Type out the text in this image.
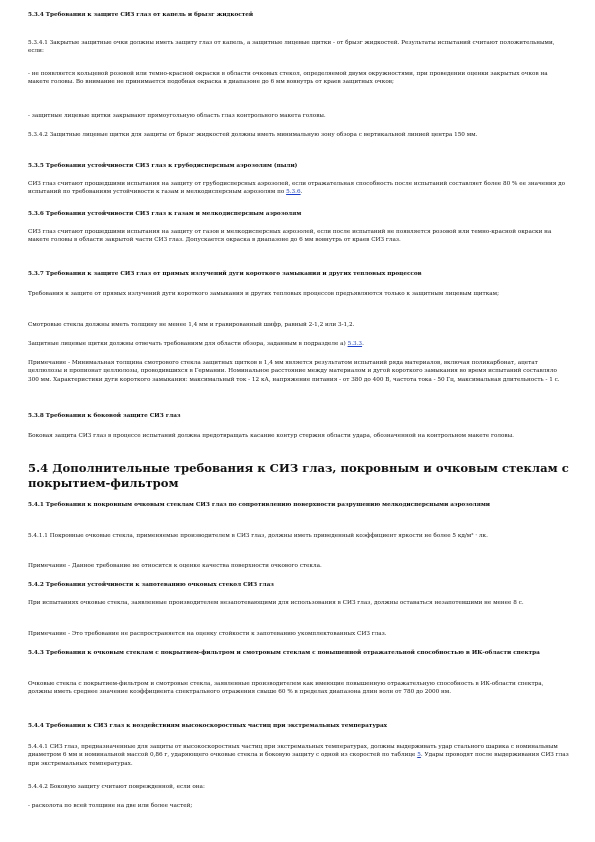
5.3.4 Требования к защите СИЗ глаз от капель и брызг жидкостей

5.3.4.1 Закрытые защитные очки должны иметь защиту глаз от капель, а защитные лицевые щитки - от брызг жидкостей. Результаты испытаний считают положительными, если:

- не появляется кольцевой розовой или темно-красной окраски в области очковых стекол, определяемой двумя окружностями, при проведении оценки закрытых очков на макете головы. Во внимание не принимается подобная окраска в диапазоне до 6 мм вовнутрь от краев защитных очков;

- защитные лицевые щитки закрывают прямоугольную область глаз контрольного макета головы.

5.3.4.2 Защитные лицевые щитки для защиты от брызг жидкостей должны иметь минимальную зону обзора с вертикальной линией центра 150 мм.

5.3.5 Требования устойчивости СИЗ глаз к грубодисперсным аэрозолям (пыли)

СИЗ глаз считают прошедшими испытания на защиту от грубодисперсных аэрозолей, если отражательная способность после испытаний составляет более 80 % ее значения до испытаний по требованиям устойчивости к газам и мелкодисперсным аэрозолям по 5.3.6.

5.3.6 Требования устойчивости СИЗ глаз к газам и мелкодисперсным аэрозолям

СИЗ глаз считают прошедшими испытания на защиту от газов и мелкодисперсных аэрозолей, если после испытаний не появляется розовой или темно-красной окраски на макете головы в области закрытой части СИЗ глаз. Допускается окраска в диапазоне до 6 мм вовнутрь от краев СИЗ глаз.

5.3.7 Требования к защите СИЗ глаз от прямых излучений дуги короткого замыкания и других тепловых процессов

Требования к защите от прямых излучений дуги короткого замыкания и других тепловых процессов предъявляются только к защитным лицевым щиткам;

Смотровые стекла должны иметь толщину не менее 1,4 мм и гравированный шифр, равный 2-1,2 или 3-1,2.

Защитные лицевые щитки должны отвечать требованиям для области обзора, заданным в подразделе а) 5.3.3.

Примечание - Минимальная толщина смотрового стекла защитных щитков в 1,4 мм является результатом испытаний ряда материалов, включая поликарбонат, ацетат целлюлозы и пропионат целлюлозы, проводившихся в Германии. Номинальное расстояние между материалом и дугой короткого замыкания во время испытаний составляло 300 мм. Характеристики дуги короткого замыкания: максимальный ток - 12 кА, напряжение питания - от 380 до 400 В, частота тока - 50 Гц, максимальная длительность - 1 с.

5.3.8 Требования к боковой защите СИЗ глаз

Боковая защита СИЗ глаз в процессе испытаний должна предотвращать касание контур стержня области удара, обозначенной на контрольном макете головы.

5.4 Дополнительные требования к СИЗ глаз, покровным и очковым стеклам с покрытием-фильтром
5.4.1 Требования к покровным очковым стеклам СИЗ глаз по сопротивлению поверхности разрушению мелкодисперсными аэрозолями

5.4.1.1 Покровные очковые стекла, применяемые производителем в СИЗ глаз, должны иметь приведенный коэффициент яркости не более 5 кд/м² · лк.

Примечание - Данное требование не относится к оценке качества поверхности очкового стекла.

5.4.2 Требования устойчивости к запотеванию очковых стекол СИЗ глаз

При испытаниях очковые стекла, заявленные производителем незапотевающими для использования в СИЗ глаз, должны оставаться незапотевшими не менее 8 с.

Примечание - Это требование не распространяется на оценку стойкости к запотеванию укомплектованных СИЗ глаз.

5.4.3 Требования к очковым стеклам с покрытием-фильтром и смотровым стеклам с повышенной отражательной способностью в ИК-области спектра

Очковые стекла с покрытием-фильтром и смотровые стекла, заявленные производителем как имеющие повышенную отражательную способность в ИК-области спектра, должны иметь среднее значение коэффициента спектрального отражения свыше 60 % в пределах диапазона длин волн от 780 до 2000 нм.

5.4.4 Требования к СИЗ глаз к воздействиям высокоскоростных частиц при экстремальных температурах

5.4.4.1 СИЗ глаз, предназначенные для защиты от высокоскоростных частиц при экстремальных температурах, должны выдерживать удар стального шарика с номинальным диаметром 6 мм и номинальной массой 0,86 г, ударяющего очковые стекла и боковую защиту с одной из скоростей по таблице 5. Удары проводят после выдерживания СИЗ глаз при экстремальных температурах.

5.4.4.2 Боковую защиту считают поврежденной, если она:

- расколота по всей толщине на две или более частей;
